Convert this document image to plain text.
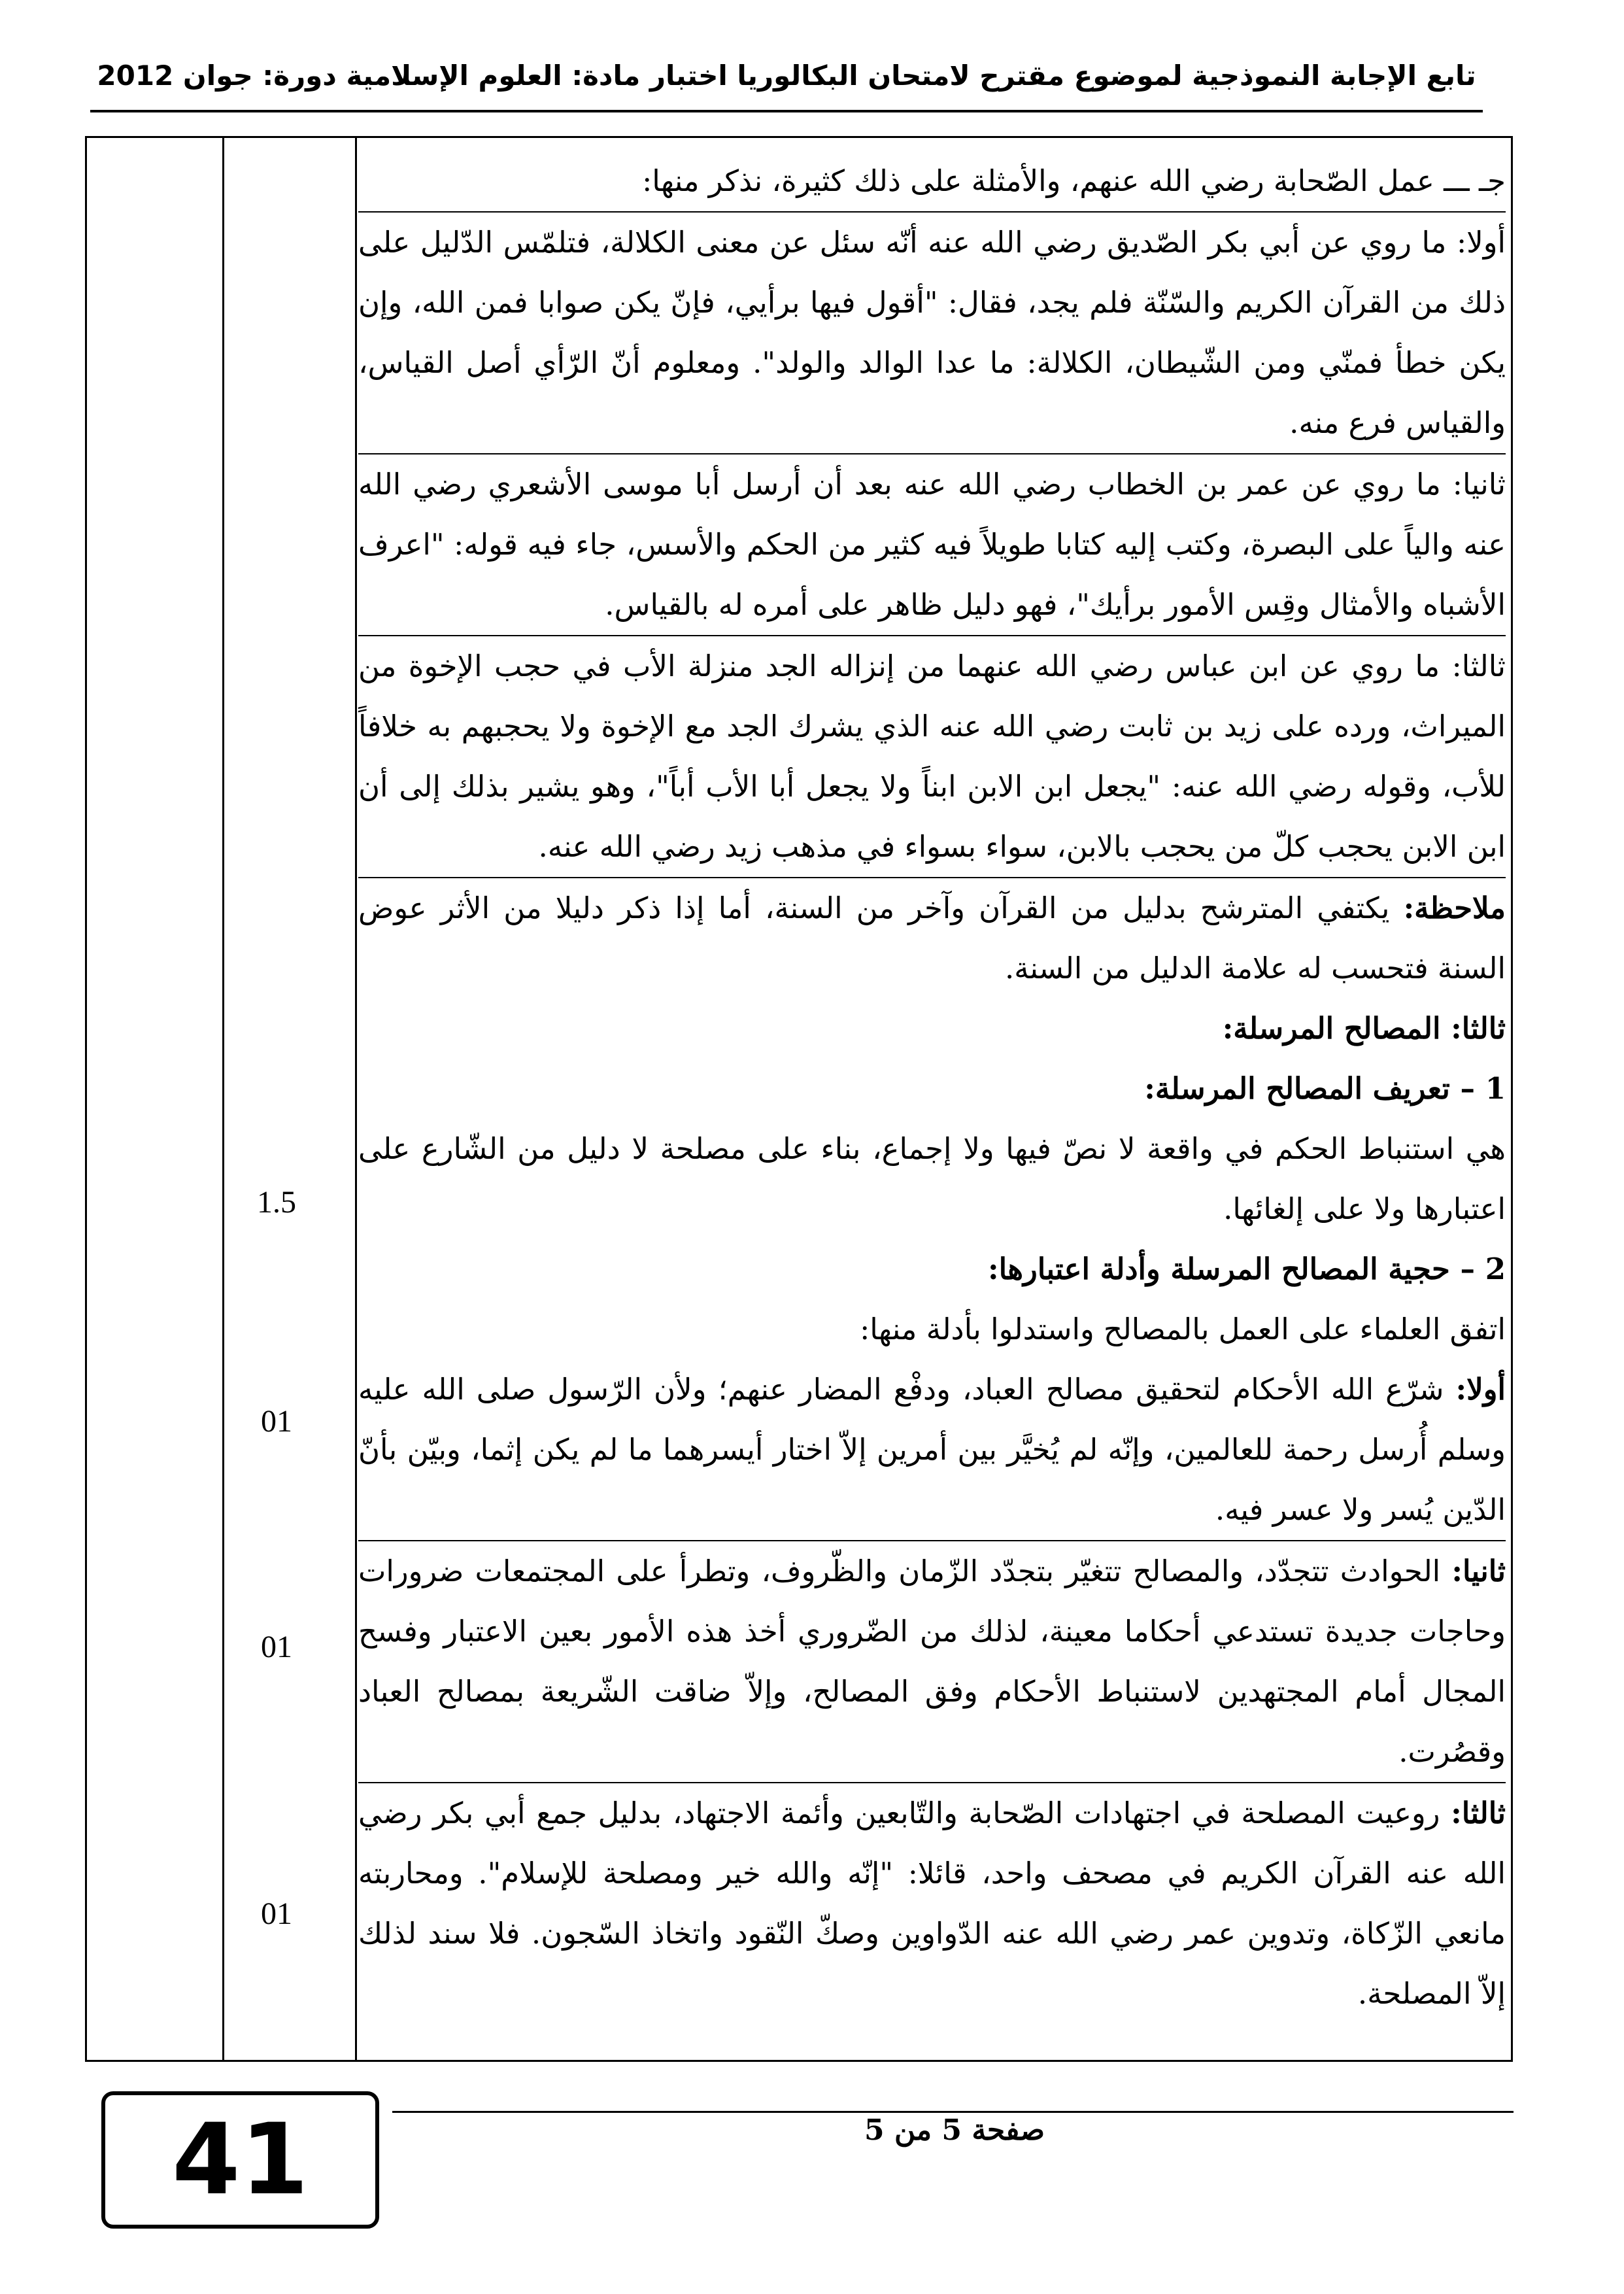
تابع الإجابة النموذجية لموضوع مقترح لامتحان البكالوريا اختبار مادة: العلوم الإسلامية دورة: جوان 2012

جـ ـــ عمل الصّحابة رضي الله عنهم، والأمثلة على ذلك كثيرة، نذكر منها:

أولا: ما روي عن أبي بكر الصّديق رضي الله عنه أنّه سئل عن معنى الكلالة، فتلمّس الدّليل على ذلك من القرآن الكريم والسّنّة فلم يجد، فقال: "أقول فيها برأيي، فإنّ يكن صوابا فمن الله، وإن يكن خطأ فمنّي ومن الشّيطان، الكلالة: ما عدا الوالد والولد". ومعلوم أنّ الرّأي أصل القياس، والقياس فرع منه.

ثانيا: ما روي عن عمر بن الخطاب رضي الله عنه بعد أن أرسل أبا موسى الأشعري رضي الله عنه والياً على البصرة، وكتب إليه كتابا طويلاً فيه كثير من الحكم والأسس، جاء فيه قوله: "اعرف الأشباه والأمثال وقِس الأمور برأيك"، فهو دليل ظاهر على أمره له بالقياس.

ثالثا: ما روي عن ابن عباس رضي الله عنهما من إنزاله الجد منزلة الأب في حجب الإخوة من الميراث، ورده على زيد بن ثابت رضي الله عنه الذي يشرك الجد مع الإخوة ولا يحجبهم به خلافاً للأب، وقوله رضي الله عنه: "يجعل ابن الابن ابناً ولا يجعل أبا الأب أباً"، وهو يشير بذلك إلى أن ابن الابن يحجب كلّ من يحجب بالابن، سواء بسواء في مذهب زيد رضي الله عنه.

ملاحظة: يكتفي المترشح بدليل من القرآن وآخر من السنة، أما إذا ذكر دليلا من الأثر عوض السنة فتحسب له علامة الدليل من السنة.

ثالثا: المصالح المرسلة:

1 – تعريف المصالح المرسلة:

هي استنباط الحكم في واقعة لا نصّ فيها ولا إجماع، بناء على مصلحة لا دليل من الشّارع على اعتبارها ولا على إلغائها.

2 – حجية المصالح المرسلة وأدلة اعتبارها:

اتفق العلماء على العمل بالمصالح واستدلوا بأدلة منها:

أولا: شرّع الله الأحكام لتحقيق مصالح العباد، ودفْع المضار عنهم؛ ولأن الرّسول صلى الله عليه وسلم أُرسل رحمة للعالمين، وإنّه لم يُخيَّر بين أمرين إلاّ اختار أيسرهما ما لم يكن إثما، وبيّن بأنّ الدّين يُسر ولا عسر فيه.

ثانيا: الحوادث تتجدّد، والمصالح تتغيّر بتجدّد الزّمان والظّروف، وتطرأ على المجتمعات ضرورات وحاجات جديدة تستدعي أحكاما معينة، لذلك من الضّروري أخذ هذه الأمور بعين الاعتبار وفسح المجال أمام المجتهدين لاستنباط الأحكام وفق المصالح، وإلاّ ضاقت الشّريعة بمصالح العباد وقصُرت.

ثالثا: روعيت المصلحة في اجتهادات الصّحابة والتّابعين وأئمة الاجتهاد، بدليل جمع أبي بكر رضي الله عنه القرآن الكريم في مصحف واحد، قائلا: "إنّه والله خير ومصلحة للإسلام". ومحاربته مانعي الزّكاة، وتدوين عمر رضي الله عنه الدّواوين وصكّ النّقود واتخاذ السّجون. فلا سند لذلك إلاّ المصلحة.

1.5
01
01
01
41	صفحة 5 من 5
